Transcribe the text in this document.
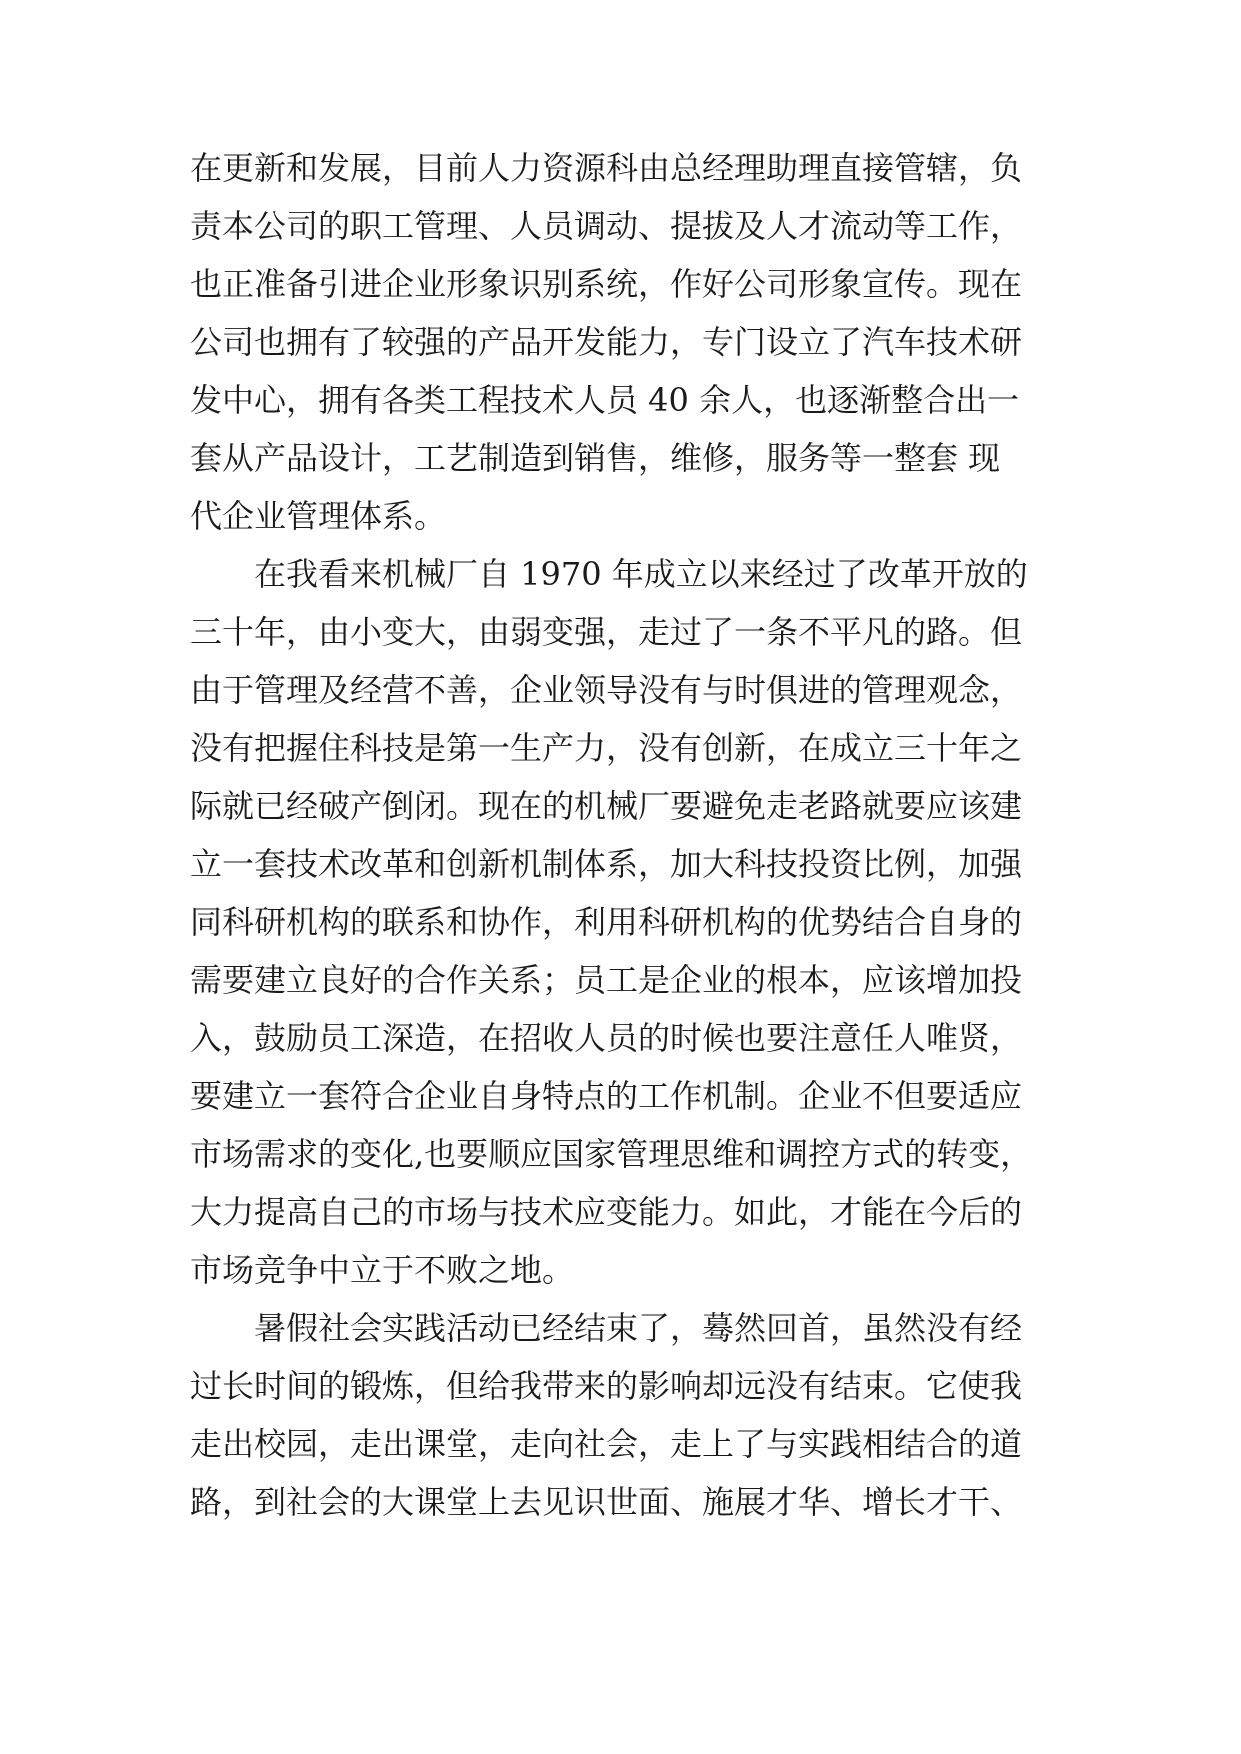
在更新和发展，目前人力资源科由总经理助理直接管辖，负
责本公司的职工管理、人员调动、提拔及人才流动等工作，
也正准备引进企业形象识别系统，作好公司形象宣传。现在
公司也拥有了较强的产品开发能力，专门设立了汽车技术研
发中心，拥有各类工程技术人员 40 余人，也逐渐整合出一
套从产品设计，工艺制造到销售，维修，服务等一整套 现
代企业管理体系。
在我看来机械厂自 1970 年成立以来经过了改革开放的
三十年，由小变大，由弱变强，走过了一条不平凡的路。但
由于管理及经营不善，企业领导没有与时俱进的管理观念，
没有把握住科技是第一生产力，没有创新，在成立三十年之
际就已经破产倒闭。现在的机械厂要避免走老路就要应该建
立一套技术改革和创新机制体系，加大科技投资比例，加强
同科研机构的联系和协作，利用科研机构的优势结合自身的
需要建立良好的合作关系；员工是企业的根本，应该增加投
入，鼓励员工深造，在招收人员的时候也要注意任人唯贤，
要建立一套符合企业自身特点的工作机制。企业不但要适应
市场需求的变化,也要顺应国家管理思维和调控方式的转变，
大力提高自己的市场与技术应变能力。如此，才能在今后的
市场竞争中立于不败之地。
暑假社会实践活动已经结束了，蓦然回首，虽然没有经
过长时间的锻炼，但给我带来的影响却远没有结束。它使我
走出校园，走出课堂，走向社会，走上了与实践相结合的道
路，到社会的大课堂上去见识世面、施展才华、增长才干、
